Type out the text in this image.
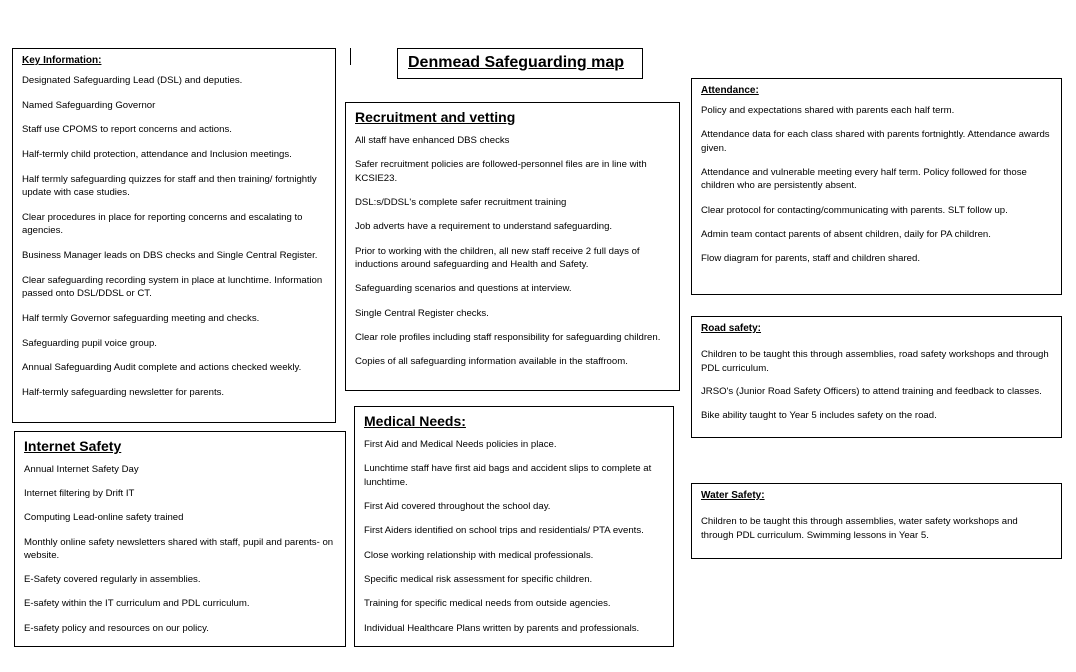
Denmead Safeguarding map
Key Information:
Designated Safeguarding Lead (DSL) and deputies.
Named Safeguarding Governor
Staff use CPOMS to report concerns and actions.
Half-termly child protection, attendance and Inclusion meetings.
Half termly safeguarding quizzes for staff and then training/ fortnightly update with case studies.
Clear procedures in place for reporting concerns and escalating to agencies.
Business Manager leads on DBS checks and Single Central Register.
Clear safeguarding recording system in place at lunchtime. Information passed onto DSL/DDSL or CT.
Half termly Governor safeguarding meeting and checks.
Safeguarding pupil voice group.
Annual Safeguarding Audit complete and actions checked weekly.
Half-termly safeguarding newsletter for parents.
Recruitment and vetting
All staff have enhanced DBS checks
Safer recruitment policies are followed-personnel files are in line with KCSIE23.
DSL:s/DDSL's complete safer recruitment training
Job adverts have a requirement to understand safeguarding.
Prior to working with the children, all new staff receive 2 full days of inductions around safeguarding and Health and Safety.
Safeguarding scenarios and questions at interview.
Single Central Register checks.
Clear role profiles including staff responsibility for safeguarding children.
Copies of all safeguarding information available in the staffroom.
Internet Safety
Annual Internet Safety Day
Internet filtering by Drift IT
Computing Lead-online safety trained
Monthly online safety newsletters shared with staff, pupil and parents- on website.
E-Safety covered regularly in assemblies.
E-safety within the IT curriculum and PDL curriculum.
E-safety policy and resources on our policy.
Medical Needs:
First Aid and Medical Needs policies in place.
Lunchtime staff have first aid bags and accident slips to complete at lunchtime.
First Aid covered throughout the school day.
First Aiders identified on school trips and residentials/ PTA events.
Close working relationship with medical professionals.
Specific medical risk assessment for specific children.
Training for specific medical needs from outside agencies.
Individual Healthcare Plans written by parents and professionals.
Attendance:
Policy and expectations shared with parents each half term.
Attendance data for each class shared with parents fortnightly. Attendance awards given.
Attendance and vulnerable meeting every half term. Policy followed for those children who are persistently absent.
Clear protocol for contacting/communicating with parents. SLT follow up.
Admin team contact parents of absent children, daily for PA children.
Flow diagram for parents, staff and children shared.
Road safety:
Children to be taught this through assemblies, road safety workshops and through PDL curriculum.
JRSO's (Junior Road Safety Officers) to attend training and feedback to classes.
Bike ability taught to Year 5 includes safety on the road.
Water Safety:
Children to be taught this through assemblies, water safety workshops and through PDL curriculum. Swimming lessons in Year 5.
